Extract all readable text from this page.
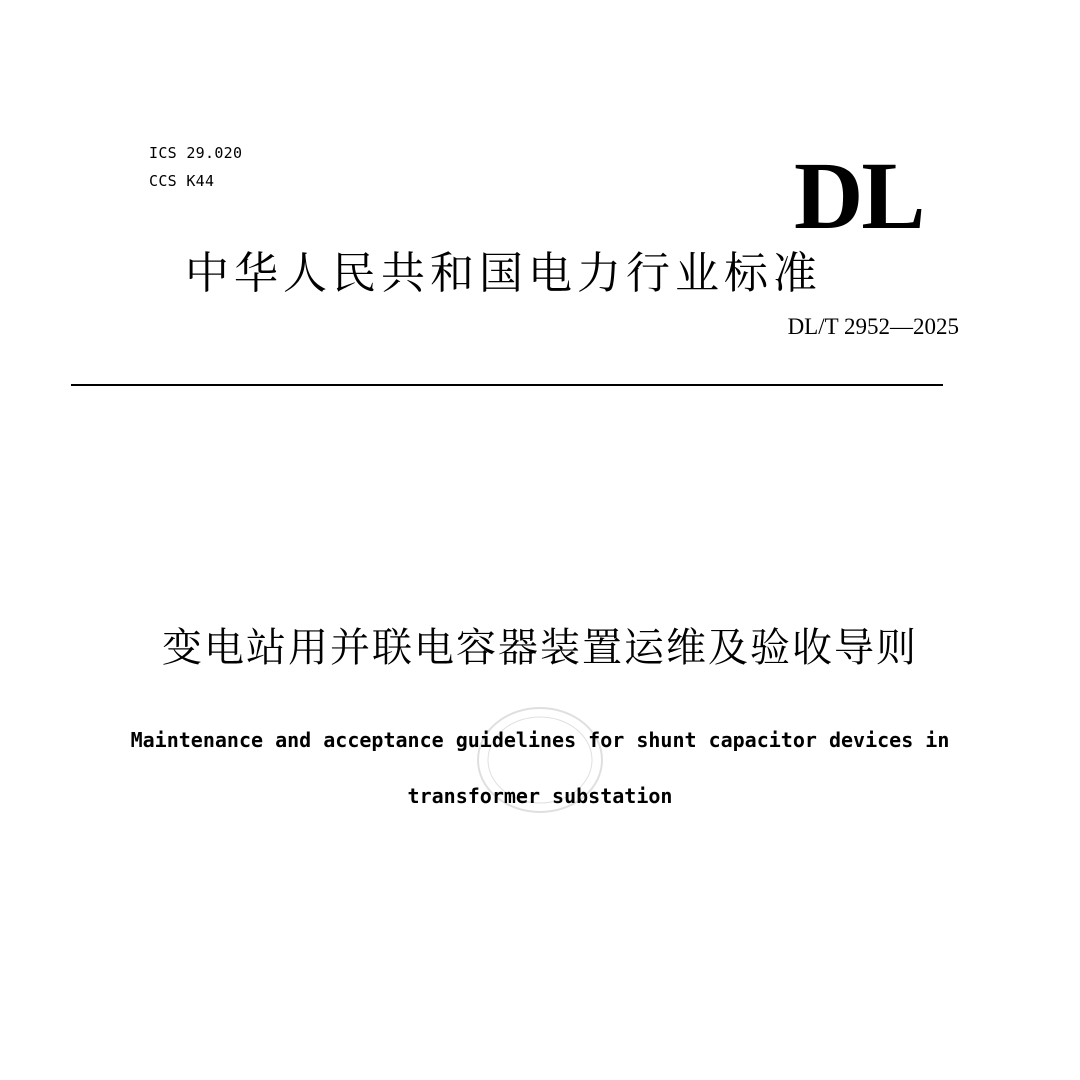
ICS 29.020
CCS K44	DL
中华人民共和国电力行业标准
DL/T 2952—2025
变电站用并联电容器装置运维及验收导则
Maintenance and acceptance guidelines for shunt capacitor devices in
transformer substation
